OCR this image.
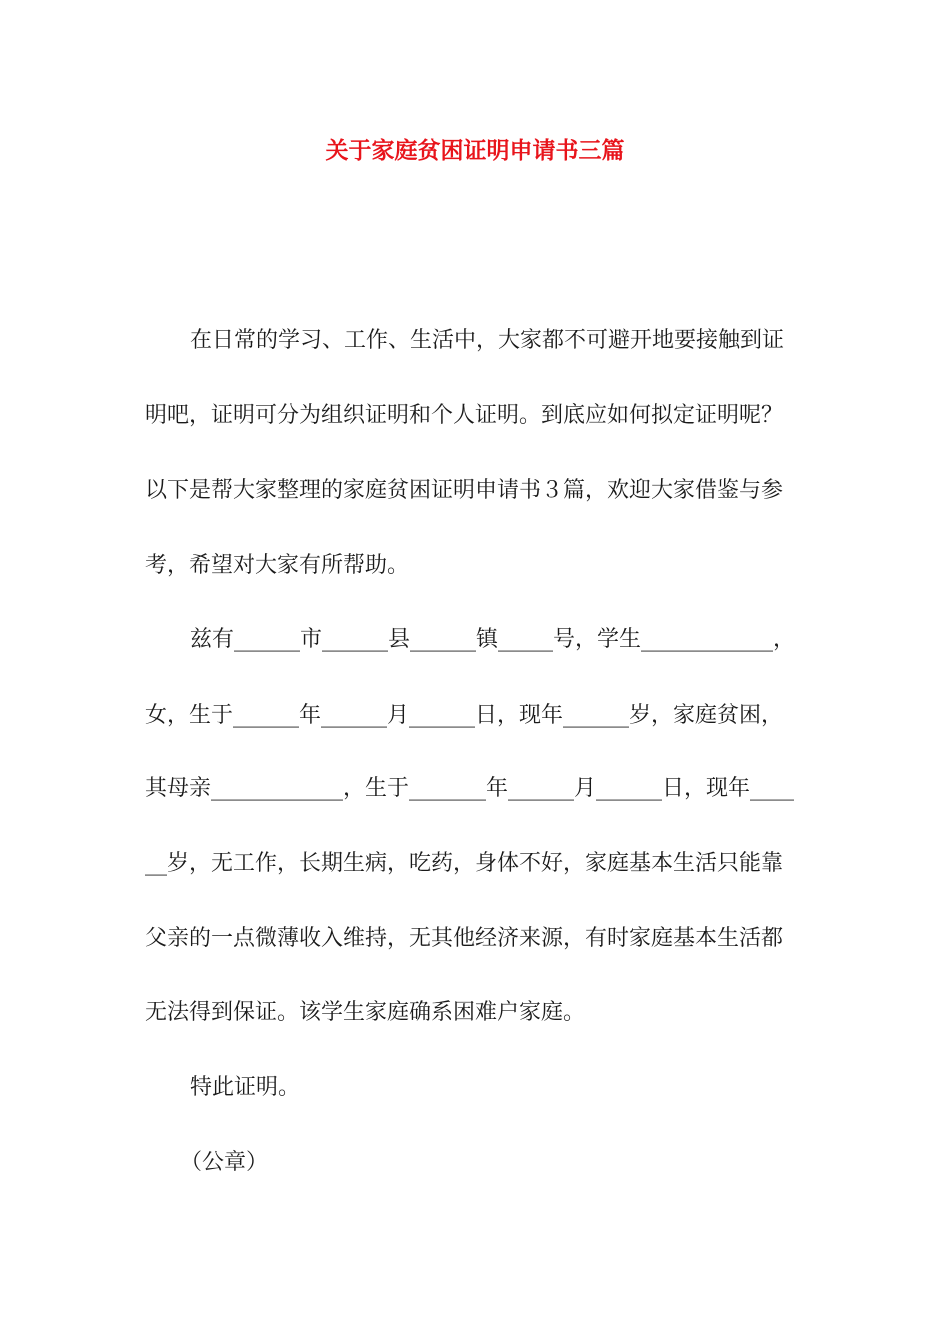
关于家庭贫困证明申请书三篇
在日常的学习、工作、生活中，大家都不可避开地要接触到证
明吧，证明可分为组织证明和个人证明。到底应如何拟定证明呢？
以下是帮大家整理的家庭贫困证明申请书３篇，欢迎大家借鉴与参
考，希望对大家有所帮助。
兹有______市______县______镇_____号，学生____________，
女，生于______年______月______日，现年______岁，家庭贫困，
其母亲____________，生于_______年______月______日，现年____
__岁，无工作，长期生病，吃药，身体不好，家庭基本生活只能靠
父亲的一点微薄收入维持，无其他经济来源，有时家庭基本生活都
无法得到保证。该学生家庭确系困难户家庭。
特此证明。
（公章）
